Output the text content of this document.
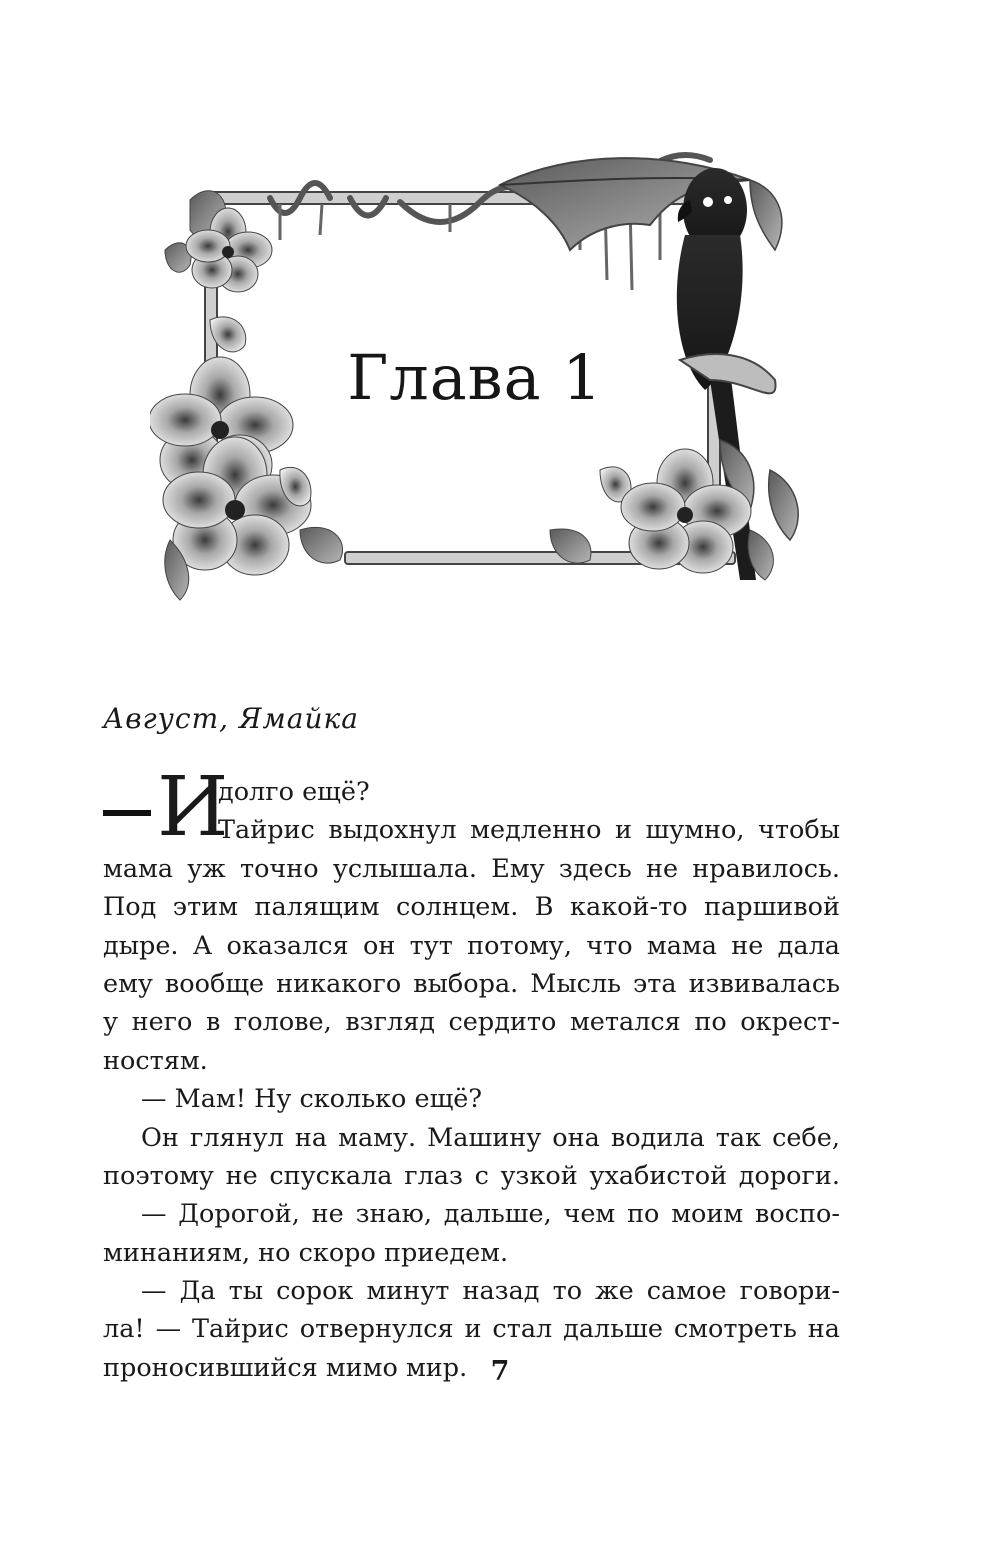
Глава 1
Август, Ямайка
И
долго ещё?
Тайрис выдохнул медленно и шумно, чтобы
мама уж точно услышала. Ему здесь не нравилось.
Под этим палящим солнцем. В какой-то паршивой
дыре. А оказался он тут потому, что мама не дала
ему вообще никакого выбора. Мысль эта извивалась
у него в голове, взгляд сердито метался по окрест-
ностям.
— Мам! Ну сколько ещё?
Он глянул на маму. Машину она водила так себе,
поэтому не спускала глаз с узкой ухабистой дороги.
— Дорогой, не знаю, дальше, чем по моим воспо-
минаниям, но скоро приедем.
— Да ты сорок минут назад то же самое говори-
ла! — Тайрис отвернулся и стал дальше смотреть на
проносившийся мимо мир. 7
